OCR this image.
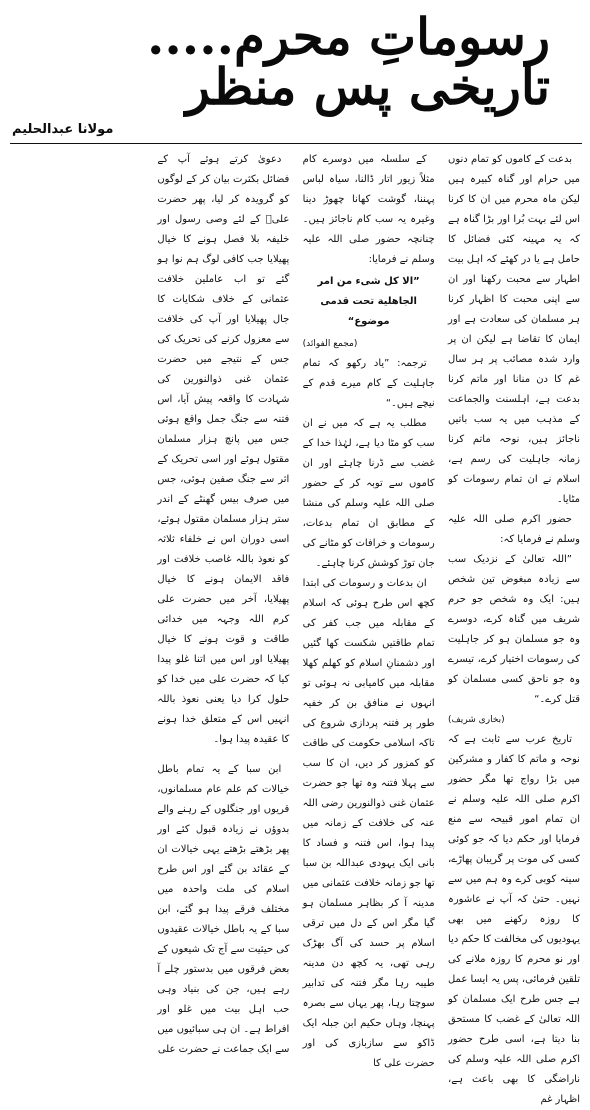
رسوماتِ محرم..... تاریخی پس منظر
مولانا عبدالحلیم

بدعت کے کاموں کو تمام دنوں میں حرام اور گناہ کبیرہ ہیں لیکن ماہ محرم میں ان کا کرنا اس لئے بہت بُرا اور بڑا گناہ ہے کہ یہ مہینہ کئی فضائل کا حامل ہے یا در کھئے کہ اہل بیت اطہار سے محبت رکھنا اور ان سے اپنی محبت کا اظہار کرنا ہر مسلمان کی سعادت ہے اور ایمان کا تقاضا ہے لیکن ان پر وارد شدہ مصائب پر ہر سال غم کا دن منانا اور ماتم کرنا بدعت ہے، اہلسنت والجماعت کے مذہب میں یہ سب باتیں ناجائز ہیں، نوحہ ماتم کرنا زمانہ جاہلیت کی رسم ہے، اسلام نے ان تمام رسومات کو مٹایا۔

حضور اکرم صلی اللہ علیہ وسلم نے فرمایا کہ:

”اللہ تعالیٰ کے نزدیک سب سے زیادہ مبغوض تین شخص ہیں: ایک وہ شخص جو حرم شریف میں گناہ کرے، دوسرے وہ جو مسلمان ہو کر جاہلیت کی رسومات اختیار کرے، تیسرے وہ جو ناحق کسی مسلمان کو قتل کرے۔“

(بخاری شریف)

تاریخ عرب سے ثابت ہے کہ نوحہ و ماتم کا کفار و مشرکین میں بڑا رواج تھا مگر حضور اکرم صلی اللہ علیہ وسلم نے ان تمام امور قبیحہ سے منع فرمایا اور حکم دیا کہ جو کوئی کسی کی موت پر گریبان پھاڑے، سینہ کوبی کرے وہ ہم میں سے نہیں۔ حتیٰ کہ آپ نے عاشورہ کا روزہ رکھنے میں بھی یہودیوں کی مخالفت کا حکم دیا اور نو محرم کا روزہ ملانے کی تلقین فرمائی، پس یہ ایسا عمل ہے جس طرح ایک مسلمان کو اللہ تعالیٰ کے غضب کا مستحق بنا دیتا ہے، اسی طرح حضور اکرم صلی اللہ علیہ وسلم کی ناراضگی کا بھی باعث ہے، اظہار غم

کے سلسلہ میں دوسرے کام مثلاً زیور اتار ڈالنا، سیاہ لباس پہننا، گوشت کھانا چھوڑ دینا وغیرہ یہ سب کام ناجائز ہیں۔ چنانچہ حضور صلی اللہ علیہ وسلم نے فرمایا:

”الا کل شیء من امر الجاهلية تحت قدمی موضوع“
(مجمع الفوائد)

ترجمہ: ”یاد رکھو کہ تمام جاہلیت کے کام میرے قدم کے نیچے ہیں۔“

مطلب یہ ہے کہ میں نے ان سب کو مٹا دیا ہے، لہٰذا خدا کے غضب سے ڈرنا چاہئے اور ان کاموں سے توبہ کر کے حضور صلی اللہ علیہ وسلم کی منشا کے مطابق ان تمام بدعات، رسومات و خرافات کو مٹانے کی جان توڑ کوشش کرنا چاہئے۔

ان بدعات و رسومات کی ابتدا کچھ اس طرح ہوئی کہ اسلام کے مقابلہ میں جب کفر کی تمام طاقتیں شکست کھا گئیں اور دشمنانِ اسلام کو کھلم کھلا مقابلہ میں کامیابی نہ ہوئی تو انہوں نے منافق بن کر خفیہ طور پر فتنہ پردازی شروع کی تاکہ اسلامی حکومت کی طاقت کو کمزور کر دیں، ان کا سب سے پہلا فتنہ وہ تھا جو حضرت عثمان غنی ذوالنورین رضی اللہ عنہ کی خلافت کے زمانہ میں پیدا ہوا، اس فتنہ و فساد کا بانی ایک یہودی عبداللہ بن سبا تھا جو زمانہ خلافت عثمانی میں مدینہ آ کر بظاہر مسلمان ہو گیا مگر اس کے دل میں ترقی اسلام پر حسد کی آگ بھڑک رہی تھی، یہ کچھ دن مدینہ طیبہ رہا مگر فتنہ کی تدابیر سوچتا رہا، پھر یہاں سے بصرہ پہنچا، وہاں حکیم ابن جبلہ ایک ڈاکو سے سازبازی کی اور حضرت علی کا

دعویٰ کرتے ہوئے آپ کے فضائل بکثرت بیان کر کے لوگوں کو گرویدہ کر لیا، پھر حضرت علیؓ کے لئے وصی رسول اور خلیفہ بلا فصل ہونے کا خیال پھیلایا جب کافی لوگ ہم نوا ہو گئے تو اب عاملین خلافت عثمانی کے خلاف شکایات کا جال پھیلایا اور آپ کی خلافت سے معزول کرنے کی تحریک کی جس کے نتیجے میں حضرت عثمان غنی ذوالنورین کی شہادت کا واقعہ پیش آیا، اس فتنہ سے جنگ جمل واقع ہوئی جس میں پانچ ہزار مسلمان مقتول ہوئے اور اسی تحریک کے اثر سے جنگ صفین ہوئی، جس میں صرف بیس گھنٹے کے اندر ستر ہزار مسلمان مقتول ہوئے، اسی دوران اس نے خلفاء ثلاثہ کو نعوذ باللہ غاصب خلافت اور فاقد الایمان ہونے کا خیال پھیلایا، آخر میں حضرت علی کرم اللہ وجہہ میں خدائی طاقت و قوت ہونے کا خیال پھیلایا اور اس میں اتنا غلو پیدا کیا کہ حضرت علی میں خدا کو حلول کرا دیا یعنی نعوذ باللہ انہیں اس کے متعلق خدا ہونے کا عقیدہ پیدا ہوا۔

ابن سبا کے یہ تمام باطل خیالات کم علم عام مسلمانوں، قریوں اور جنگلوں کے رہنے والے بدوؤں نے زیادہ قبول کئے اور پھر بڑھتے بڑھتے یہی خیالات ان کے عقائد بن گئے اور اس طرح اسلام کی ملت واحدہ میں مختلف فرقے پیدا ہو گئے، ابن سبا کے یہ باطل خیالات عقیدوں کی حیثیت سے آج تک شیعوں کے بعض فرقوں میں بدستور چلے آ رہے ہیں، جن کی بنیاد وہی حب اہل بیت میں غلو اور افراط ہے۔ ان ہی سبائیوں میں سے ایک جماعت نے حضرت علی
